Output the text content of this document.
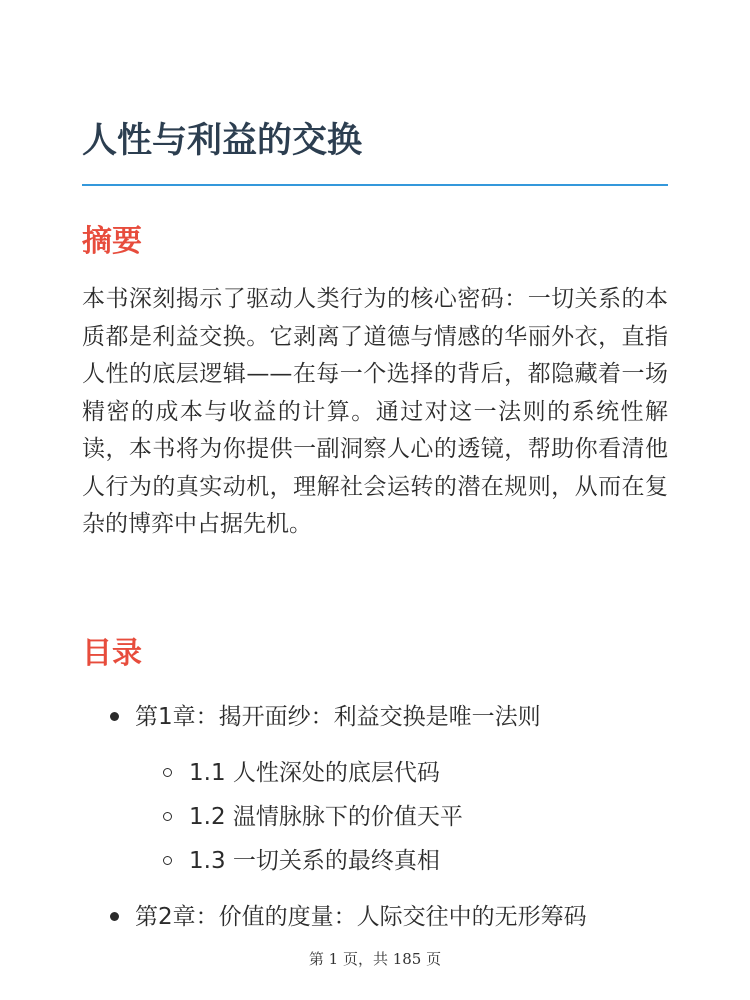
人性与利益的交换
摘要

本书深刻揭示了驱动人类行为的核心密码：一切关系的本质都是利益交换。它剥离了道德与情感的华丽外衣，直指人性的底层逻辑——在每一个选择的背后，都隐藏着一场精密的成本与收益的计算。通过对这一法则的系统性解读，本书将为你提供一副洞察人心的透镜，帮助你看清他人行为的真实动机，理解社会运转的潜在规则，从而在复杂的博弈中占据先机。

目录
第1章：揭开面纱：利益交换是唯一法则
1.1 人性深处的底层代码
1.2 温情脉脉下的价值天平
1.3 一切关系的最终真相
第2章：价值的度量：人际交往中的无形筹码
第 1 页，共 185 页
